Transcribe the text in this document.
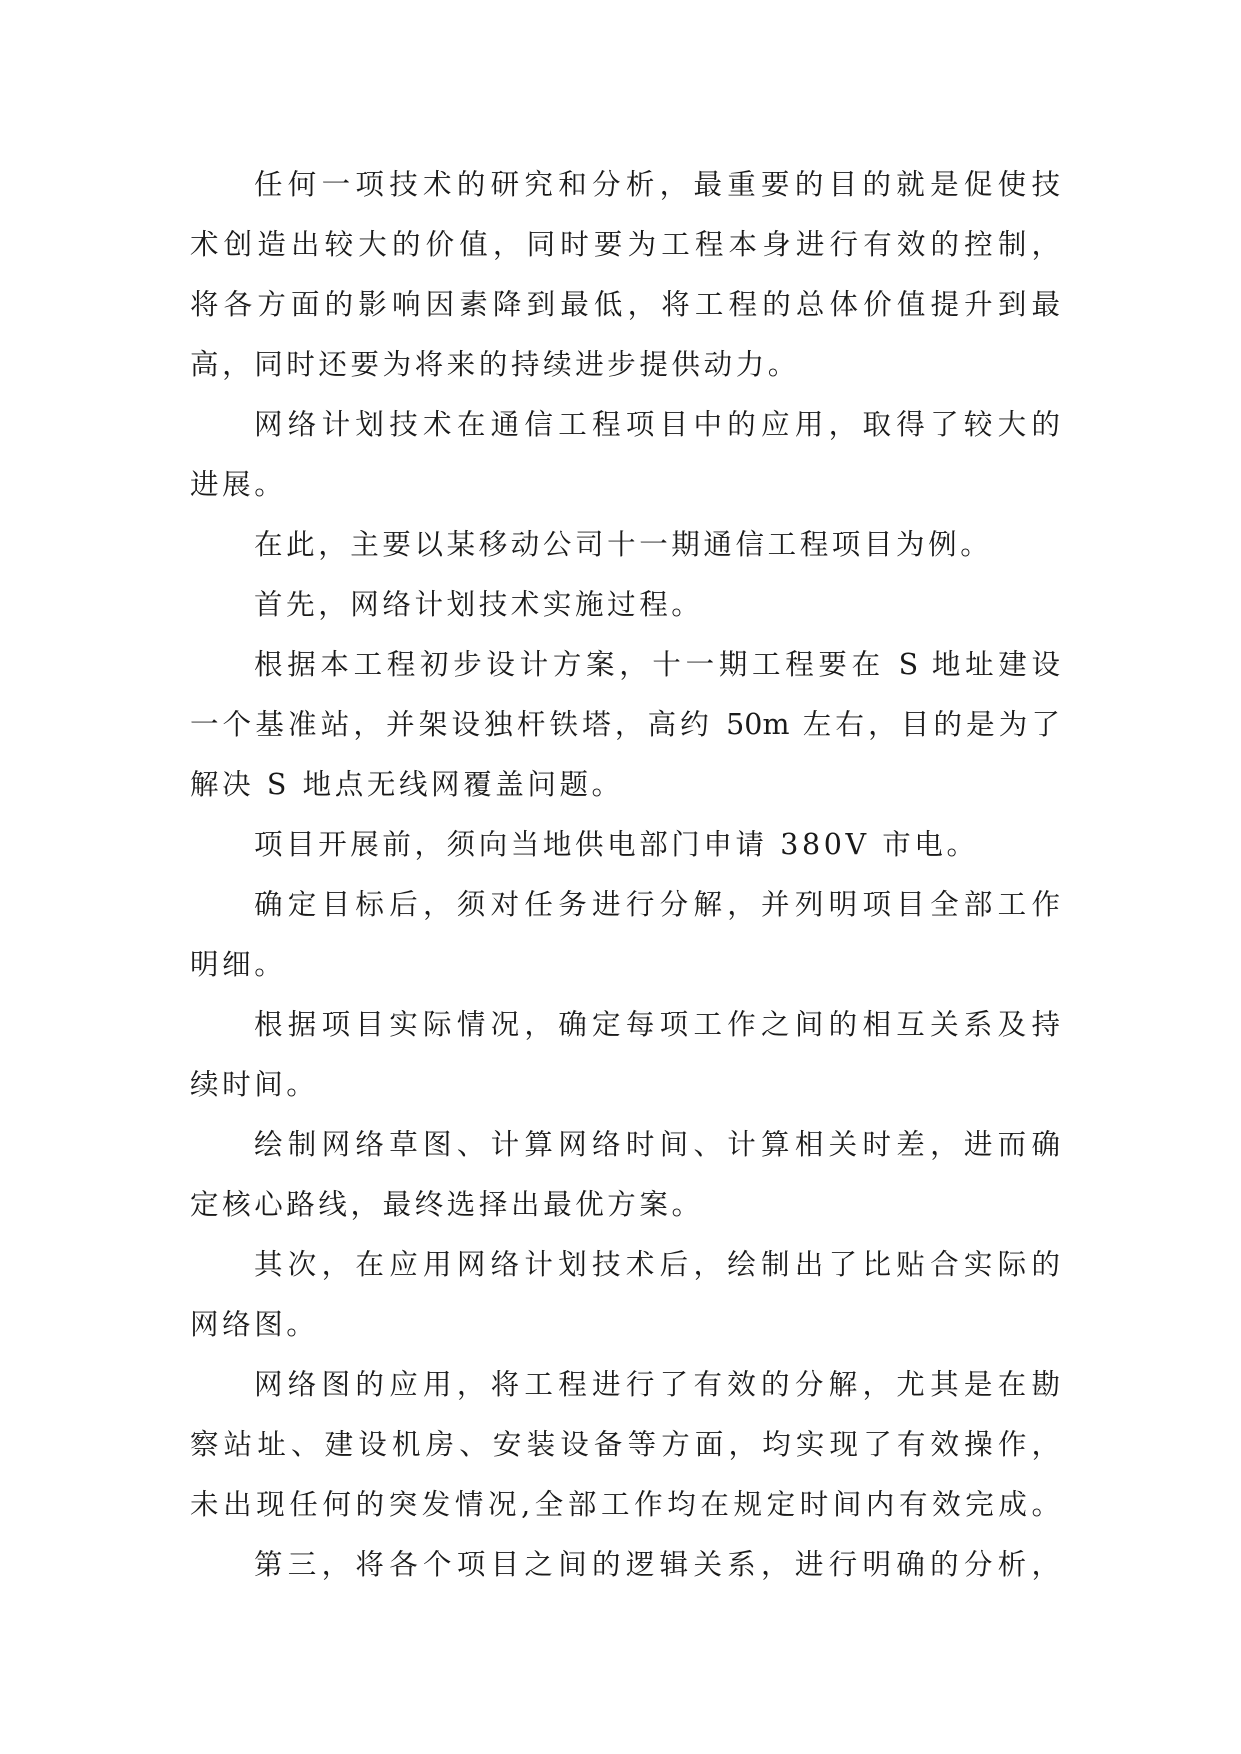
任何一项技术的研究和分析，最重要的目的就是促使技
术创造出较大的价值，同时要为工程本身进行有效的控制，
将各方面的影响因素降到最低，将工程的总体价值提升到最
高，同时还要为将来的持续进步提供动力。
网络计划技术在通信工程项目中的应用，取得了较大的
进展。
在此，主要以某移动公司十一期通信工程项目为例。
首先，网络计划技术实施过程。
根据本工程初步设计方案，十一期工程要在 S 地址建设
一个基准站，并架设独杆铁塔，高约 50m 左右，目的是为了
解决 S 地点无线网覆盖问题。
项目开展前，须向当地供电部门申请 380V 市电。
确定目标后，须对任务进行分解，并列明项目全部工作
明细。
根据项目实际情况，确定每项工作之间的相互关系及持
续时间。
绘制网络草图、计算网络时间、计算相关时差，进而确
定核心路线，最终选择出最优方案。
其次，在应用网络计划技术后，绘制出了比贴合实际的
网络图。
网络图的应用，将工程进行了有效的分解，尤其是在勘
察站址、建设机房、安装设备等方面，均实现了有效操作，
未出现任何的突发情况,全部工作均在规定时间内有效完成。
第三，将各个项目之间的逻辑关系，进行明确的分析，
